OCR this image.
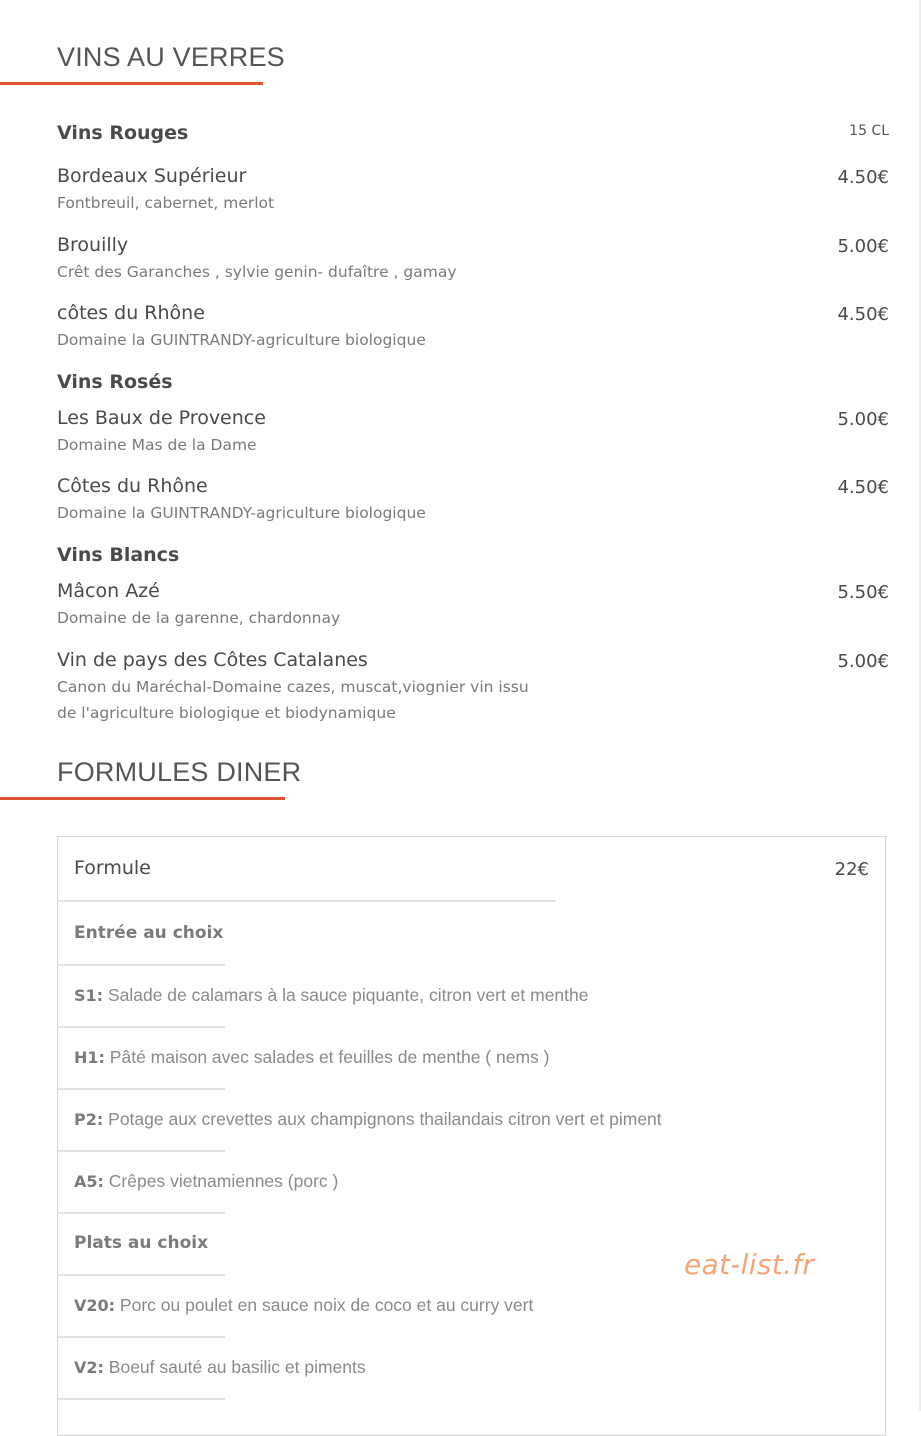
VINS AU VERRES
Vins Rouges	15 CL
Bordeaux Supérieur	4.50€
Fontbreuil, cabernet, merlot
Brouilly	5.00€
Crêt des Garanches , sylvie genin- dufaître , gamay
côtes du Rhône	4.50€
Domaine la GUINTRANDY-agriculture biologique
Vins Rosés
Les Baux de Provence	5.00€
Domaine Mas de la Dame
Côtes du Rhône	4.50€
Domaine la GUINTRANDY-agriculture biologique
Vins Blancs
Mâcon Azé	5.50€
Domaine de la garenne, chardonnay
Vin de pays des Côtes Catalanes	5.00€
Canon du Maréchal-Domaine cazes, muscat,viognier vin issu de l'agriculture biologique et biodynamique
FORMULES DINER
Formule	22€
Entrée au choix
S1: Salade de calamars à la sauce piquante, citron vert et menthe
H1: Pâté maison avec salades et feuilles de menthe ( nems )
P2: Potage aux crevettes aux champignons thailandais citron vert et piment
A5: Crêpes vietnamiennes (porc )
Plats au choix
V20: Porc ou poulet en sauce noix de coco et au curry vert
V2: Boeuf sauté au basilic et piments
eat-list.fr
